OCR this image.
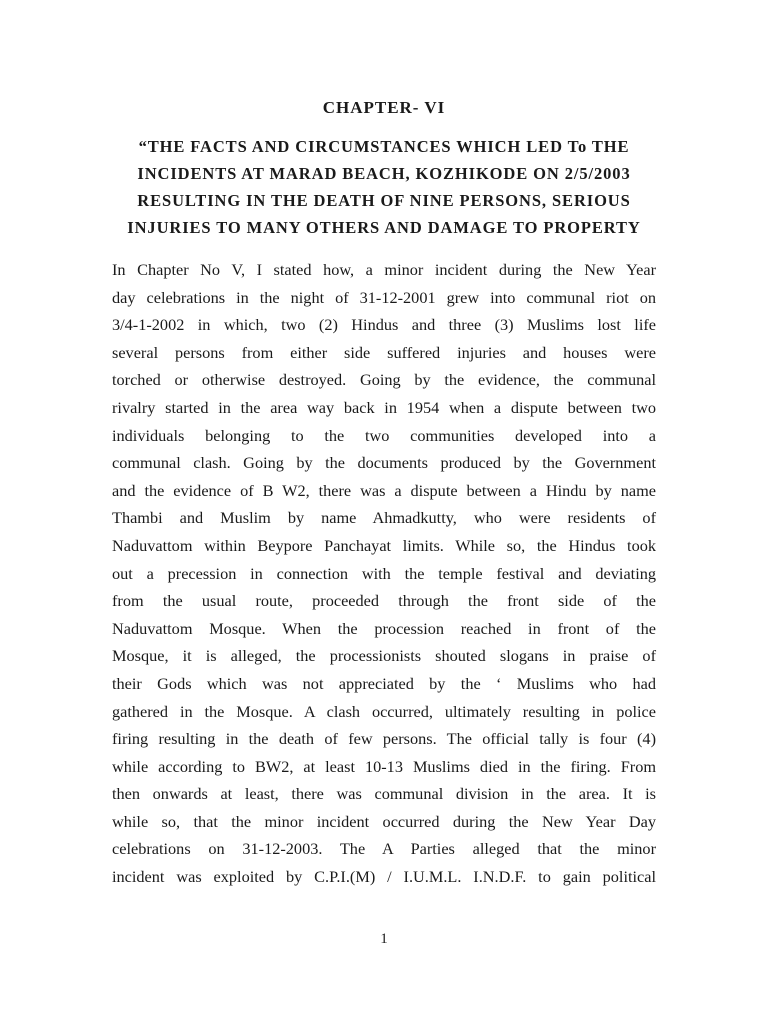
CHAPTER- VI
“THE FACTS AND CIRCUMSTANCES WHICH LED To THE
INCIDENTS AT MARAD BEACH, KOZHIKODE ON 2/5/2003
RESULTING IN THE DEATH OF NINE PERSONS, SERIOUS
INJURIES TO MANY OTHERS AND DAMAGE TO PROPERTY
In Chapter No V, I stated how, a minor incident during the New Year
day celebrations in the night of 31-12-2001 grew into communal riot on
3/4-1-2002 in which, two (2) Hindus and three (3) Muslims lost life
several persons from either side suffered injuries and houses were
torched or otherwise destroyed. Going by the evidence, the communal
rivalry started in the area way back in 1954 when a dispute between two
individuals belonging to the two communities developed into a
communal clash. Going by the documents produced by the Government
and the evidence of B W2, there was a dispute between a Hindu by name
Thambi and Muslim by name Ahmadkutty, who were residents of
Naduvattom within Beypore Panchayat limits. While so, the Hindus took
out a precession in connection with the temple festival and deviating
from the usual route, proceeded through the front side of the
Naduvattom Mosque. When the procession reached in front of the
Mosque, it is alleged, the processionists shouted slogans in praise of
their Gods which was not appreciated by the ‘ Muslims who had
gathered in the Mosque. A clash occurred, ultimately resulting in police
firing resulting in the death of few persons. The official tally is four (4)
while according to BW2, at least 10-13 Muslims died in the firing. From
then onwards at least, there was communal division in the area. It is
while so, that the minor incident occurred during the New Year Day
celebrations on 31-12-2003. The A Parties alleged that the minor
incident was exploited by C.P.I.(M) / I.U.M.L. I.N.D.F. to gain political
1
